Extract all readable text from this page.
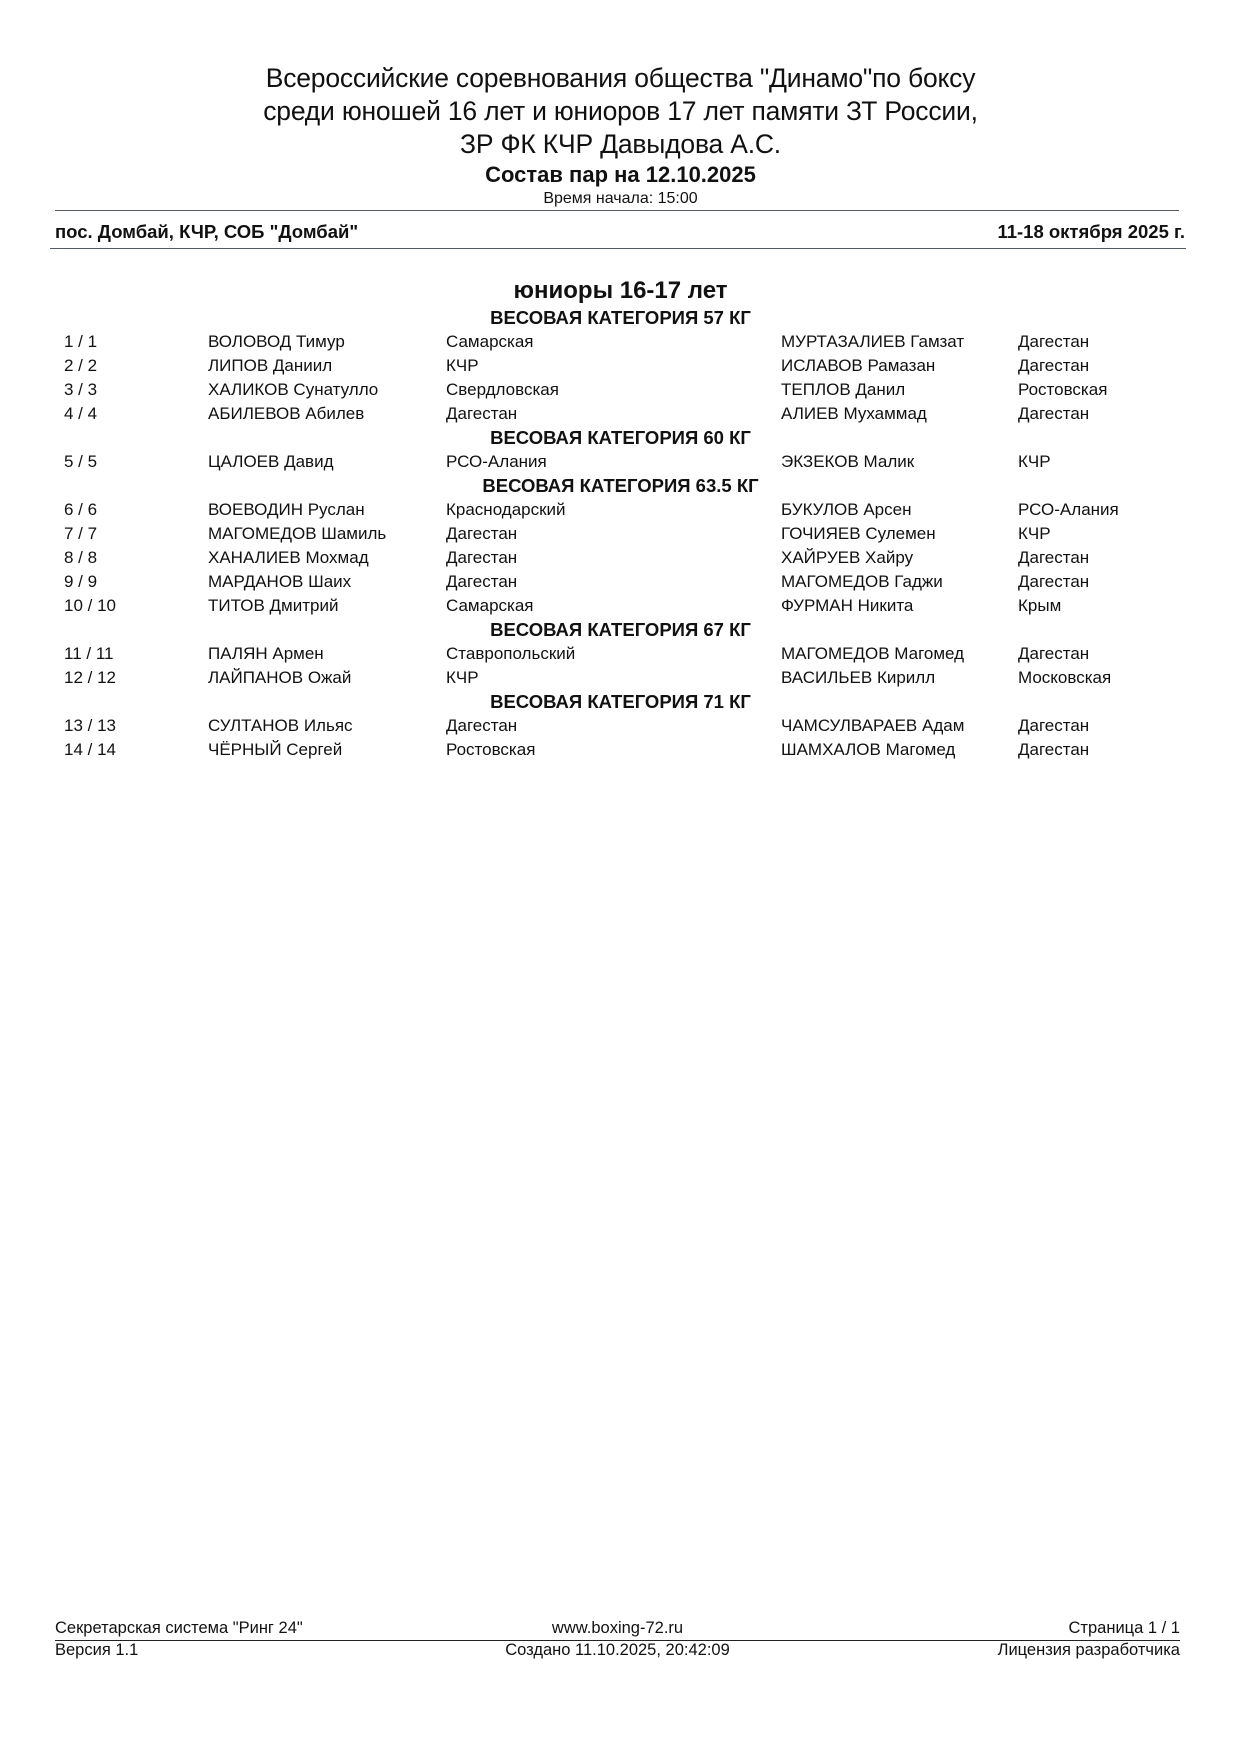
Всероссийские соревнования общества "Динамо"по боксу
среди юношей 16 лет и юниоров 17 лет памяти ЗТ России,
ЗР ФК КЧР Давыдова А.С.
Состав пар на 12.10.2025
Время начала: 15:00
пос. Домбай, КЧР, СОБ "Домбай"	11-18 октября 2025 г.
юниоры 16-17 лет
ВЕСОВАЯ КАТЕГОРИЯ 57 КГ
1 / 1	ВОЛОВОД Тимур	Самарская	МУРТАЗАЛИЕВ Гамзат	Дагестан
2 / 2	ЛИПОВ Даниил	КЧР	ИСЛАВОВ Рамазан	Дагестан
3 / 3	ХАЛИКОВ Сунатулло	Свердловская	ТЕПЛОВ Данил	Ростовская
4 / 4	АБИЛЕВОВ Абилев	Дагестан	АЛИЕВ Мухаммад	Дагестан
ВЕСОВАЯ КАТЕГОРИЯ 60 КГ
5 / 5	ЦАЛОЕВ Давид	РСО-Алания	ЭКЗЕКОВ Малик	КЧР
ВЕСОВАЯ КАТЕГОРИЯ 63.5 КГ
6 / 6	ВОЕВОДИН Руслан	Краснодарский	БУКУЛОВ Арсен	РСО-Алания
7 / 7	МАГОМЕДОВ Шамиль	Дагестан	ГОЧИЯЕВ Сулемен	КЧР
8 / 8	ХАНАЛИЕВ Мохмад	Дагестан	ХАЙРУЕВ Хайру	Дагестан
9 / 9	МАРДАНОВ Шаих	Дагестан	МАГОМЕДОВ Гаджи	Дагестан
10 / 10	ТИТОВ Дмитрий	Самарская	ФУРМАН Никита	Крым
ВЕСОВАЯ КАТЕГОРИЯ 67 КГ
11 / 11	ПАЛЯН Армен	Ставропольский	МАГОМЕДОВ Магомед	Дагестан
12 / 12	ЛАЙПАНОВ Ожай	КЧР	ВАСИЛЬЕВ Кирилл	Московская
ВЕСОВАЯ КАТЕГОРИЯ 71 КГ
13 / 13	СУЛТАНОВ Ильяс	Дагестан	ЧАМСУЛВАРАЕВ Адам	Дагестан
14 / 14	ЧЁРНЫЙ Сергей	Ростовская	ШАМХАЛОВ Магомед	Дагестан
Секретарская система "Ринг 24"	www.boxing-72.ru	Страница 1 / 1
Версия 1.1	Создано 11.10.2025, 20:42:09	Лицензия разработчика
